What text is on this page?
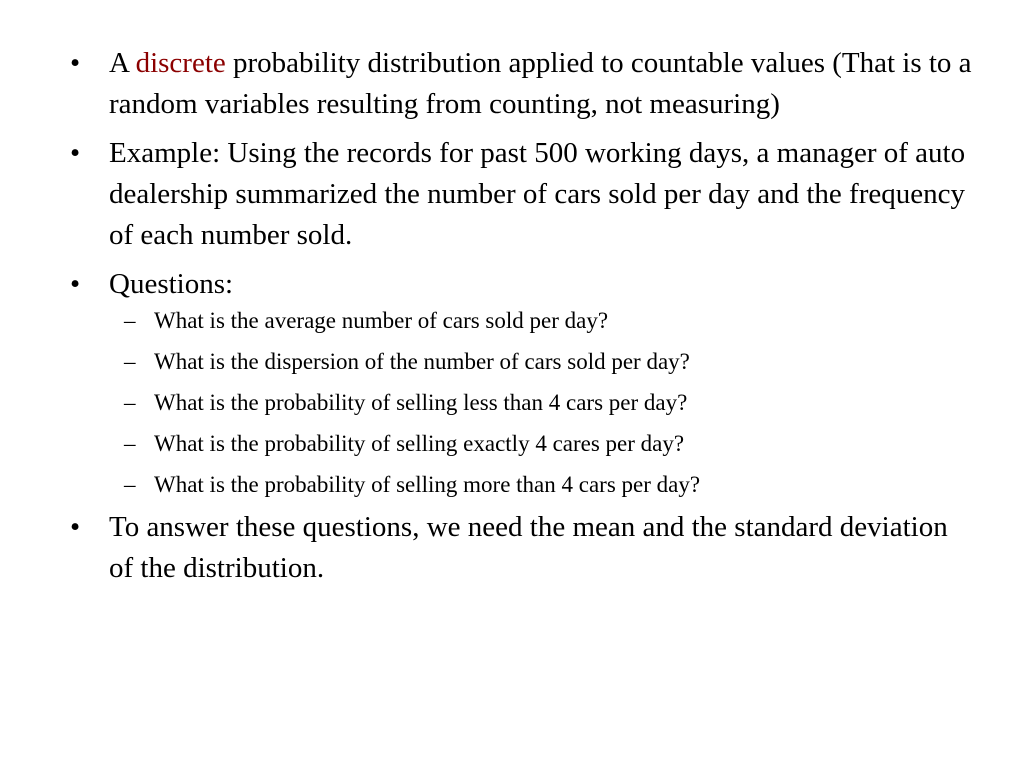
• A discrete probability distribution applied to countable values (That is to a random variables resulting from counting, not measuring)
• Example: Using the records for past 500 working days, a manager of auto dealership summarized the number of cars sold per day and the frequency of each number sold.
• Questions:
– What is the average number of cars sold per day?
– What is the dispersion of the number of cars sold per day?
– What is the probability of selling less than 4 cars per day?
– What is the probability of selling exactly 4 cares per day?
– What is the probability of selling more than 4 cars per day?
• To answer these questions, we need the mean and the standard deviation of the distribution.
